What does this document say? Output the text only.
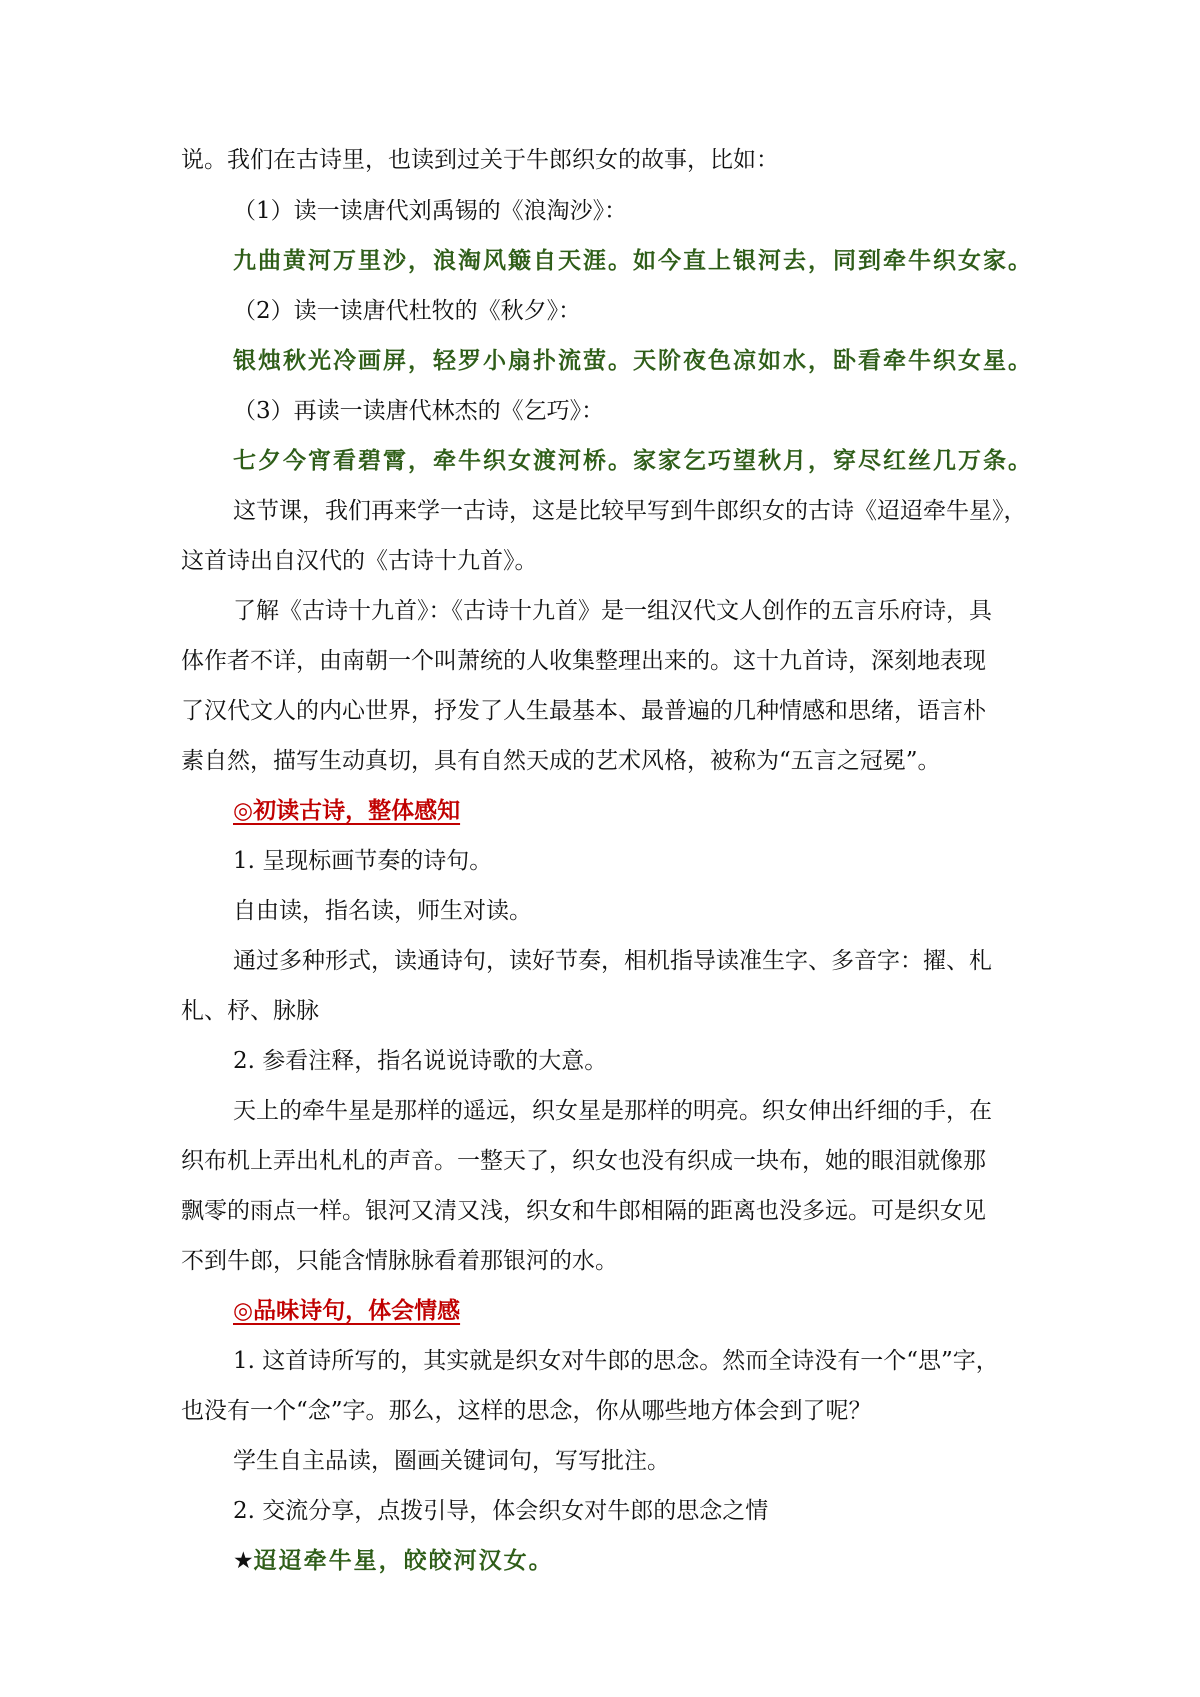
说。我们在古诗里，也读到过关于牛郎织女的故事，比如：
（1）读一读唐代刘禹锡的《浪淘沙》：
九曲黄河万里沙，浪淘风簸自天涯。如今直上银河去，同到牵牛织女家。
（2）读一读唐代杜牧的《秋夕》：
银烛秋光冷画屏，轻罗小扇扑流萤。天阶夜色凉如水，卧看牵牛织女星。
（3）再读一读唐代林杰的《乞巧》：
七夕今宵看碧霄，牵牛织女渡河桥。家家乞巧望秋月，穿尽红丝几万条。
这节课，我们再来学一古诗，这是比较早写到牛郎织女的古诗《迢迢牵牛星》，
这首诗出自汉代的《古诗十九首》。
了解《古诗十九首》：《古诗十九首》是一组汉代文人创作的五言乐府诗，具
体作者不详，由南朝一个叫萧统的人收集整理出来的。这十九首诗，深刻地表现
了汉代文人的内心世界，抒发了人生最基本、最普遍的几种情感和思绪，语言朴
素自然，描写生动真切，具有自然天成的艺术风格，被称为“五言之冠冕”。
◎初读古诗，整体感知
1. 呈现标画节奏的诗句。
自由读，指名读，师生对读。
通过多种形式，读通诗句，读好节奏，相机指导读准生字、多音字：擢、札
札、杼、脉脉
2. 参看注释，指名说说诗歌的大意。
天上的牵牛星是那样的遥远，织女星是那样的明亮。织女伸出纤细的手，在
织布机上弄出札札的声音。一整天了，织女也没有织成一块布，她的眼泪就像那
飘零的雨点一样。银河又清又浅，织女和牛郎相隔的距离也没多远。可是织女见
不到牛郎，只能含情脉脉看着那银河的水。
◎品味诗句，体会情感
1. 这首诗所写的，其实就是织女对牛郎的思念。然而全诗没有一个“思”字，
也没有一个“念”字。那么，这样的思念，你从哪些地方体会到了呢？
学生自主品读，圈画关键词句，写写批注。
2. 交流分享，点拨引导，体会织女对牛郎的思念之情
★迢迢牵牛星，皎皎河汉女。
